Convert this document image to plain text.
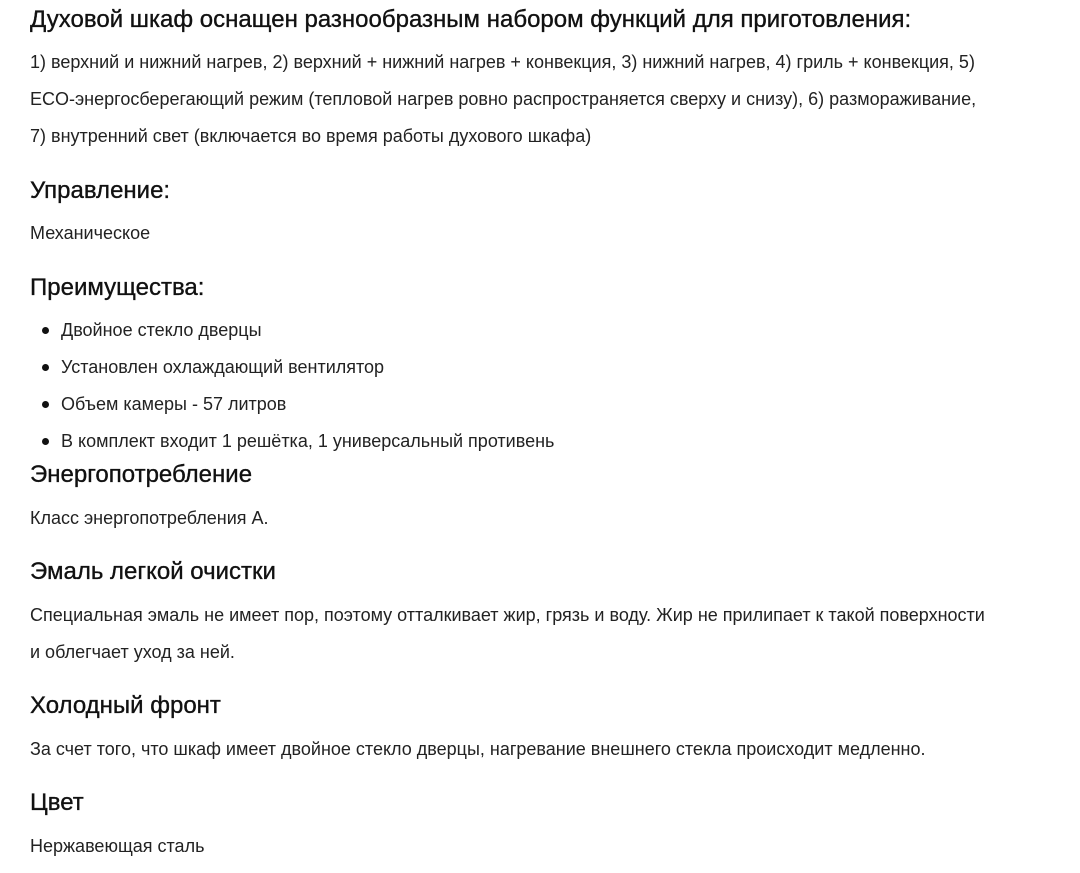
Духовой шкаф оснащен разнообразным набором функций для приготовления:

1) верхний и нижний нагрев, 2) верхний + нижний нагрев + конвекция, 3) нижний нагрев, 4) гриль + конвекция, 5)

ECO-энергосберегающий режим (тепловой нагрев ровно распространяется сверху и снизу), 6) размораживание,

7) внутренний свет (включается во время работы духового шкафа)

Управление:

Механическое

Преимущества:
Двойное стекло дверцы
Установлен охлаждающий вентилятор
Объем камеры - 57 литров
В комплект входит 1 решётка, 1 универсальный противень
Энергопотребление

Класс энергопотребления А.

Эмаль легкой очистки

Специальная эмаль не имеет пор, поэтому отталкивает жир, грязь и воду. Жир не прилипает к такой поверхности

и облегчает уход за ней.

Холодный фронт

За счет того, что шкаф имеет двойное стекло дверцы, нагревание внешнего стекла происходит медленно.

Цвет

Нержавеющая сталь
